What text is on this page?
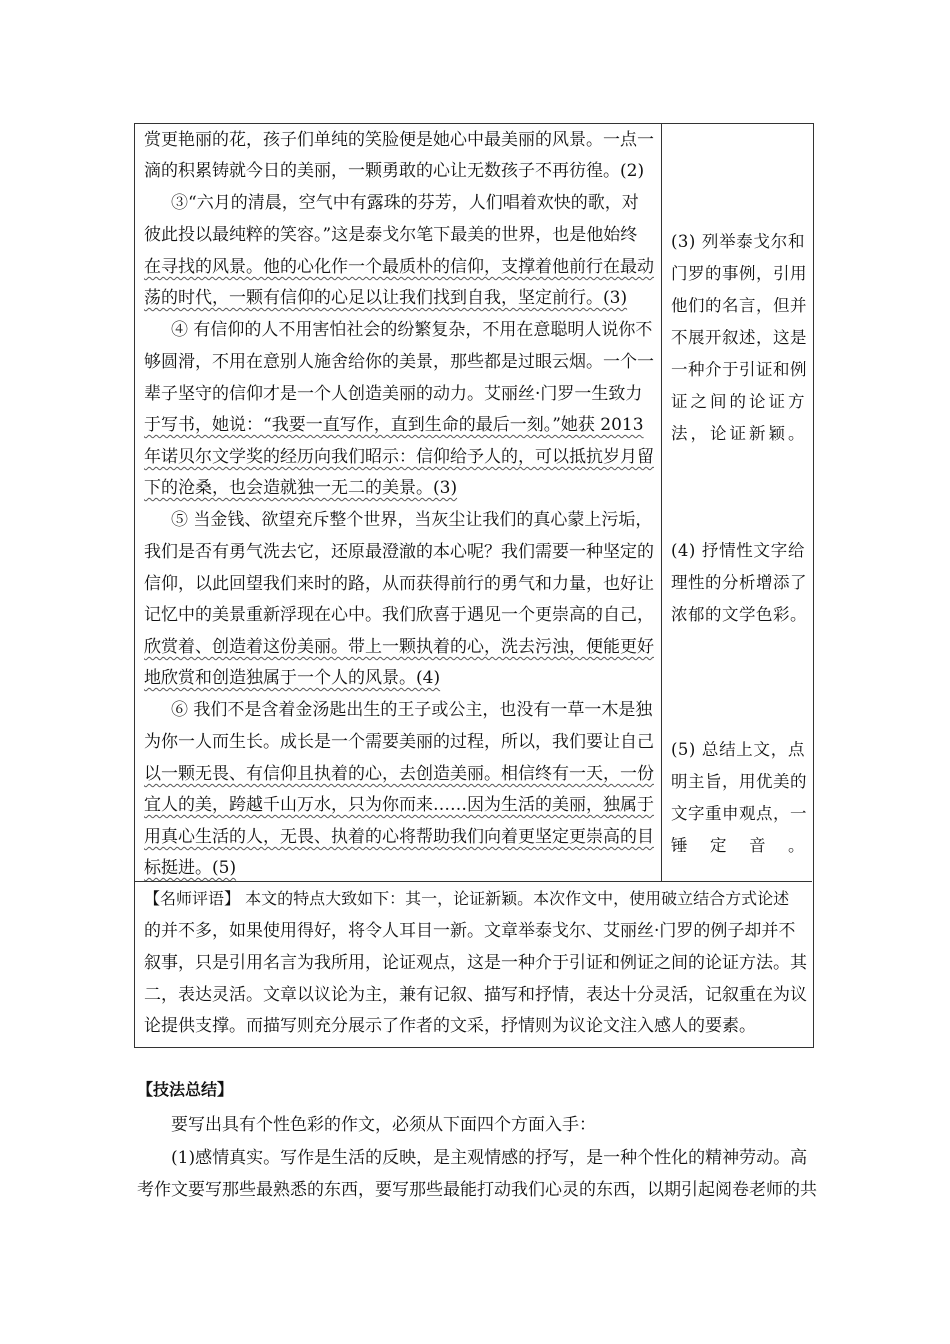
赏更艳丽的花，孩子们单纯的笑脸便是她心中最美丽的风景。一点一
滴的积累铸就今日的美丽，一颗勇敢的心让无数孩子不再彷徨。(2)
③“六月的清晨，空气中有露珠的芬芳，人们唱着欢快的歌，对
彼此投以最纯粹的笑容。”这是泰戈尔笔下最美的世界，也是他始终
在寻找的风景。他的心化作一个最质朴的信仰，支撑着他前行在最动
荡的时代，一颗有信仰的心足以让我们找到自我，坚定前行。(3)
④ 有信仰的人不用害怕社会的纷繁复杂，不用在意聪明人说你不
够圆滑，不用在意别人施舍给你的美景，那些都是过眼云烟。一个一
辈子坚守的信仰才是一个人创造美丽的动力。艾丽丝·门罗一生致力
于写书，她说：“我要一直写作，直到生命的最后一刻。”她获 2013
年诺贝尔文学奖的经历向我们昭示：信仰给予人的，可以抵抗岁月留
下的沧桑，也会造就独一无二的美景。(3)
⑤ 当金钱、欲望充斥整个世界，当灰尘让我们的真心蒙上污垢，
我们是否有勇气洗去它，还原最澄澈的本心呢？我们需要一种坚定的
信仰，以此回望我们来时的路，从而获得前行的勇气和力量，也好让
记忆中的美景重新浮现在心中。我们欣喜于遇见一个更崇高的自己，
欣赏着、创造着这份美丽。带上一颗执着的心，洗去污浊，便能更好
地欣赏和创造独属于一个人的风景。(4)
⑥ 我们不是含着金汤匙出生的王子或公主，也没有一草一木是独
为你一人而生长。成长是一个需要美丽的过程，所以，我们要让自己
以一颗无畏、有信仰且执着的心，去创造美丽。相信终有一天，一份
宜人的美，跨越千山万水，只为你而来……因为生活的美丽，独属于
用真心生活的人，无畏、执着的心将帮助我们向着更坚定更崇高的目
标挺进。(5)
(3) 列举泰戈尔和
门罗的事例，引用
他们的名言，但并
不展开叙述，这是
一种介于引证和例
证之间的论证方
法，论证新颖。
(4) 抒情性文字给
理性的分析增添了
浓郁的文学色彩。
(5) 总结上文，点
明主旨，用优美的
文字重申观点，一
锤定音。
【名师评语】 本文的特点大致如下：其一，论证新颖。本次作文中，使用破立结合方式论述
的并不多，如果使用得好，将令人耳目一新。文章举泰戈尔、艾丽丝·门罗的例子却并不
叙事，只是引用名言为我所用，论证观点，这是一种介于引证和例证之间的论证方法。其
二，表达灵活。文章以议论为主，兼有记叙、描写和抒情，表达十分灵活，记叙重在为议
论提供支撑。而描写则充分展示了作者的文采，抒情则为议论文注入感人的要素。
【技法总结】
要写出具有个性色彩的作文，必须从下面四个方面入手：
(1)感情真实。写作是生活的反映，是主观情感的抒写，是一种个性化的精神劳动。高
考作文要写那些最熟悉的东西，要写那些最能打动我们心灵的东西，以期引起阅卷老师的共
